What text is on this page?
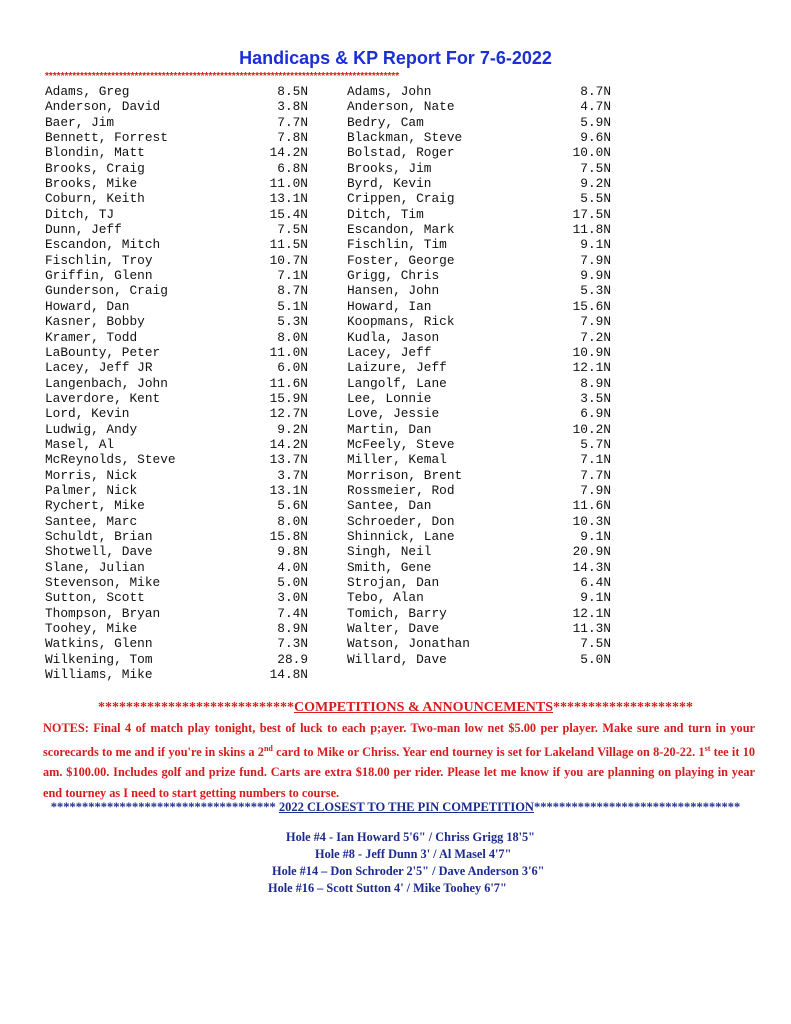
Handicaps & KP Report For 7-6-2022
*******************************************************************************************
Adams, Greg	8.5N	Adams, John	8.7N
Anderson, David	3.8N	Anderson, Nate	4.7N
Baer, Jim	7.7N	Bedry, Cam	5.9N
Bennett, Forrest	7.8N	Blackman, Steve	9.6N
Blondin, Matt	14.2N	Bolstad, Roger	10.0N
Brooks, Craig	6.8N	Brooks, Jim	7.5N
Brooks, Mike	11.0N	Byrd, Kevin	9.2N
Coburn, Keith	13.1N	Crippen, Craig	5.5N
Ditch, TJ	15.4N	Ditch, Tim	17.5N
Dunn, Jeff	7.5N	Escandon, Mark	11.8N
Escandon, Mitch	11.5N	Fischlin, Tim	9.1N
Fischlin, Troy	10.7N	Foster, George	7.9N
Griffin, Glenn	7.1N	Grigg, Chris	9.9N
Gunderson, Craig	8.7N	Hansen, John	5.3N
Howard, Dan	5.1N	Howard, Ian	15.6N
Kasner, Bobby	5.3N	Koopmans, Rick	7.9N
Kramer, Todd	8.0N	Kudla, Jason	7.2N
LaBounty, Peter	11.0N	Lacey, Jeff	10.9N
Lacey, Jeff JR	6.0N	Laizure, Jeff	12.1N
Langenbach, John	11.6N	Langolf, Lane	8.9N
Laverdore, Kent	15.9N	Lee, Lonnie	3.5N
Lord, Kevin	12.7N	Love, Jessie	6.9N
Ludwig, Andy	9.2N	Martin, Dan	10.2N
Masel, Al	14.2N	McFeely, Steve	5.7N
McReynolds, Steve	13.7N	Miller, Kemal	7.1N
Morris, Nick	3.7N	Morrison, Brent	7.7N
Palmer, Nick	13.1N	Rossmeier, Rod	7.9N
Rychert, Mike	5.6N	Santee, Dan	11.6N
Santee, Marc	8.0N	Schroeder, Don	10.3N
Schuldt, Brian	15.8N	Shinnick, Lane	9.1N
Shotwell, Dave	9.8N	Singh, Neil	20.9N
Slane, Julian	4.0N	Smith, Gene	14.3N
Stevenson, Mike	5.0N	Strojan, Dan	6.4N
Sutton, Scott	3.0N	Tebo, Alan	9.1N
Thompson, Bryan	7.4N	Tomich, Barry	12.1N
Toohey, Mike	8.9N	Walter, Dave	11.3N
Watkins, Glenn	7.3N	Watson, Jonathan	7.5N
Wilkening, Tom	28.9	Willard, Dave	5.0N
Williams, Mike	14.8N
****************************COMPETITIONS & ANNOUNCEMENTS********************
NOTES: Final 4 of match play tonight, best of luck to each p;ayer. Two-man low net $5.00 per player. Make sure and turn in your scorecards to me and if you're in skins a 2nd card to Mike or Chriss. Year end tourney is set for Lakeland Village on 8-20-22. 1st tee it 10 am. $100.00. Includes golf and prize fund. Carts are extra $18.00 per rider. Please let me know if you are planning on playing in year end tourney as I need to start getting numbers to course.
************************************ 2022 CLOSEST TO THE PIN COMPETITION*********************************
Hole #4 - Ian Howard 5'6" / Chriss Grigg 18'5"
Hole #8 - Jeff Dunn 3' / Al Masel 4'7"
Hole #14 – Don Schroder 2'5" / Dave Anderson 3'6"
Hole #16 – Scott Sutton 4' / Mike Toohey 6'7"
